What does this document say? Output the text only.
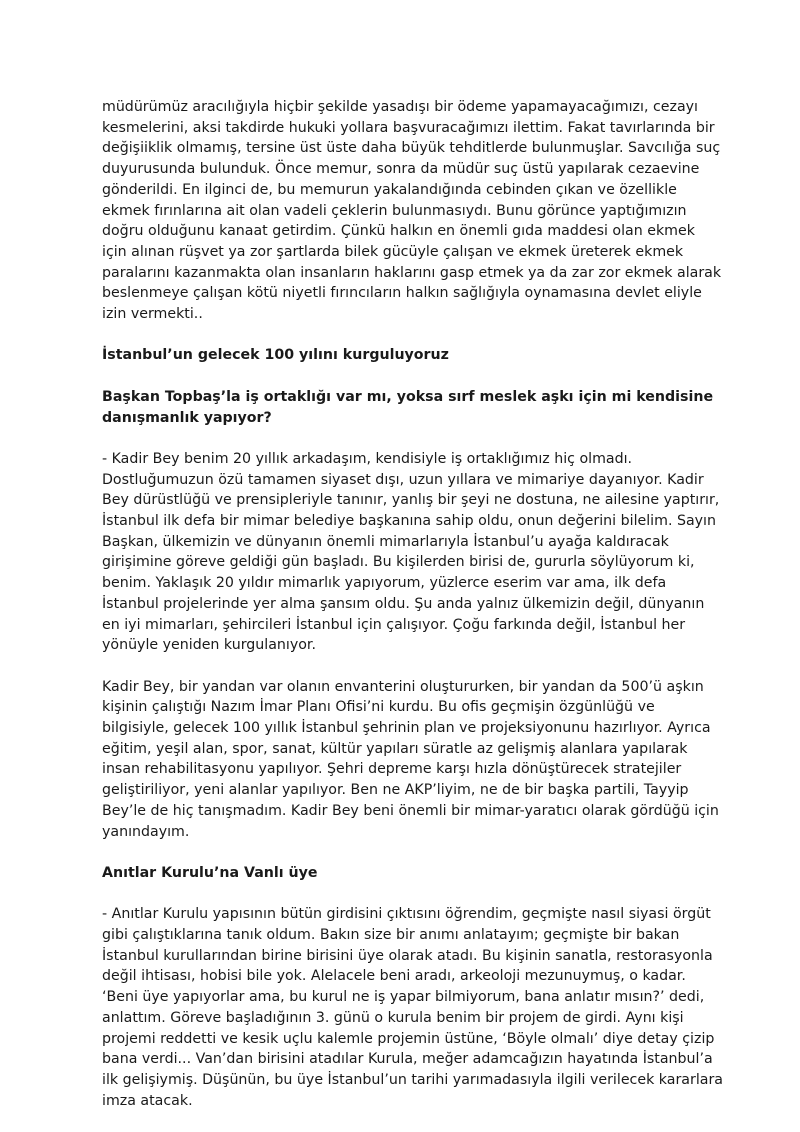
müdürümüz aracılığıyla hiçbir şekilde yasadışı bir ödeme yapamayacağımızı, cezayı kesmelerini, aksi takdirde hukuki yollara başvuracağımızı ilettim. Fakat tavırlarında bir değişiiklik olmamış, tersine üst üste daha büyük tehditlerde bulunmuşlar. Savcılığa suç duyurusunda bulunduk. Önce memur, sonra da müdür suç üstü yapılarak cezaevine gönderildi. En ilginci de, bu memurun yakalandığında cebinden çıkan ve özellikle ekmek fırınlarına ait olan vadeli çeklerin bulunmasıydı. Bunu görünce yaptığımızın doğru olduğunu kanaat getirdim. Çünkü halkın en önemli gıda maddesi olan ekmek için alınan rüşvet ya zor şartlarda bilek gücüyle çalışan ve ekmek üreterek ekmek paralarını kazanmakta olan insanların haklarını gasp etmek ya da zar zor ekmek alarak beslenmeye çalışan kötü niyetli fırıncıların halkın sağlığıyla oynamasına devlet eliyle izin vermekti..

İstanbul’un gelecek 100 yılını kurguluyoruz

Başkan Topbaş’la iş ortaklığı var mı, yoksa sırf meslek aşkı için mi kendisine danışmanlık yapıyor?

- Kadir Bey benim 20 yıllık arkadaşım, kendisiyle iş ortaklığımız hiç olmadı. Dostluğumuzun özü tamamen siyaset dışı, uzun yıllara ve mimariye dayanıyor. Kadir Bey dürüstlüğü ve prensipleriyle tanınır, yanlış bir şeyi ne dostuna, ne ailesine yaptırır, İstanbul ilk defa bir mimar belediye başkanına sahip oldu, onun değerini bilelim. Sayın Başkan, ülkemizin ve dünyanın önemli mimarlarıyla İstanbul’u ayağa kaldıracak girişimine göreve geldiği gün başladı. Bu kişilerden birisi de, gururla söylüyorum ki, benim. Yaklaşık 20 yıldır mimarlık yapıyorum, yüzlerce eserim var ama, ilk defa İstanbul projelerinde yer alma şansım oldu. Şu anda yalnız ülkemizin değil, dünyanın en iyi mimarları, şehircileri İstanbul için çalışıyor. Çoğu farkında değil, İstanbul her yönüyle yeniden kurgulanıyor.

Kadir Bey, bir yandan var olanın envanterini oluştururken, bir yandan da 500’ü aşkın kişinin çalıştığı Nazım İmar Planı Ofisi’ni kurdu. Bu ofis geçmişin özgünlüğü ve bilgisiyle, gelecek 100 yıllık İstanbul şehrinin plan ve projeksiyonunu hazırlıyor. Ayrıca eğitim, yeşil alan, spor, sanat, kültür yapıları süratle az gelişmiş alanlara yapılarak insan rehabilitasyonu yapılıyor. Şehri depreme karşı hızla dönüştürecek stratejiler geliştiriliyor, yeni alanlar yapılıyor. Ben ne AKP’liyim, ne de bir başka partili, Tayyip Bey’le de hiç tanışmadım. Kadir Bey beni önemli bir mimar-yaratıcı olarak gördüğü için yanındayım.

Anıtlar Kurulu’na Vanlı üye

- Anıtlar Kurulu yapısının bütün girdisini çıktısını öğrendim, geçmişte nasıl siyasi örgüt gibi çalıştıklarına tanık oldum. Bakın size bir anımı anlatayım; geçmişte bir bakan İstanbul kurullarından birine birisini üye olarak atadı. Bu kişinin sanatla, restorasyonla değil ihtisası, hobisi bile yok. Alelacele beni aradı, arkeoloji mezunuymuş, o kadar. ‘Beni üye yapıyorlar ama, bu kurul ne iş yapar bilmiyorum, bana anlatır mısın?’ dedi, anlattım. Göreve başladığının 3. günü o kurula benim bir projem de girdi. Aynı kişi projemi reddetti ve kesik uçlu kalemle projemin üstüne, ‘Böyle olmalı’ diye detay çizip bana verdi... Van’dan birisini atadılar Kurula, meğer adamcağızın hayatında İstanbul’a ilk gelişiymiş. Düşünün, bu üye İstanbul’un tarihi yarımadasıyla ilgili verilecek kararlara imza atacak.
